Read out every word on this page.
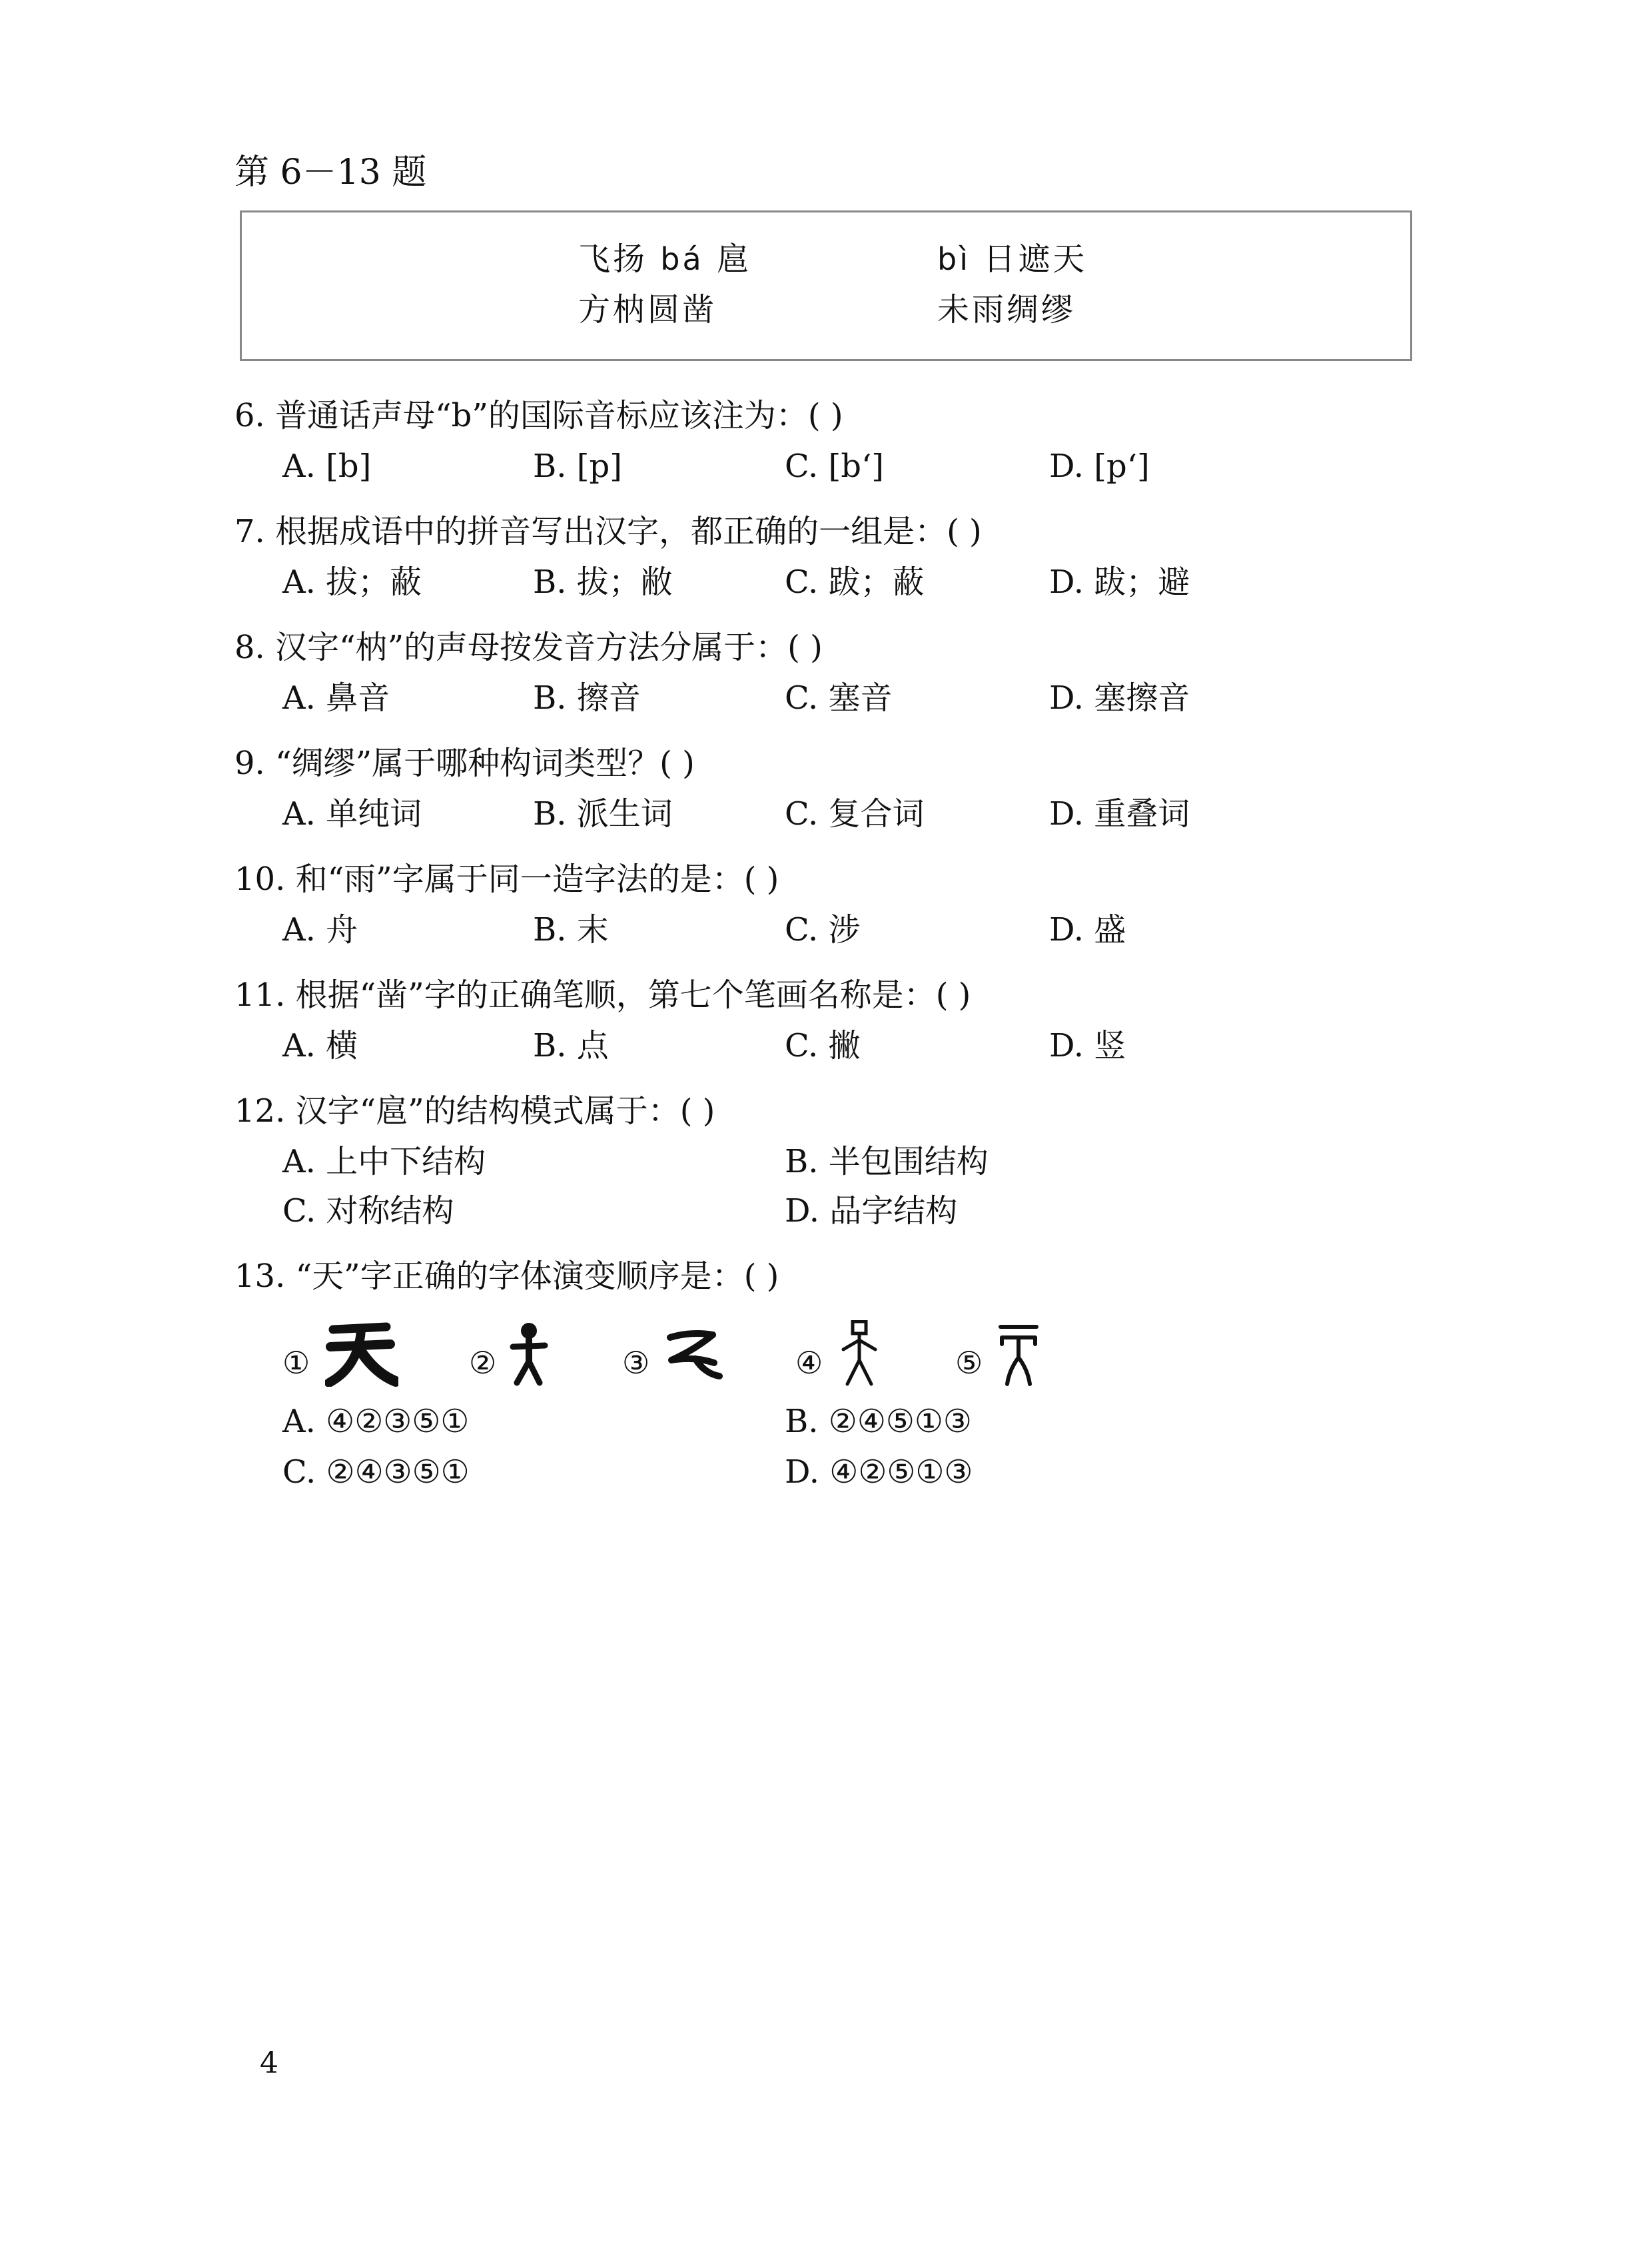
第 6－13 题
飞扬 bá 扈	bì 日遮天
方枘圆凿	未雨绸缪
6. 普通话声母“b”的国际音标应该注为：( )
A. [b]	B. [p]	C. [bʻ]	D. [pʻ]
7. 根据成语中的拼音写出汉字，都正确的一组是：( )
A. 拔；蔽	B. 拔；敝	C. 跋；蔽	D. 跋；避
8. 汉字“枘”的声母按发音方法分属于：( )
A. 鼻音	B. 擦音	C. 塞音	D. 塞擦音
9. “绸缪”属于哪种构词类型？( )
A. 单纯词	B. 派生词	C. 复合词	D. 重叠词
10. 和“雨”字属于同一造字法的是：( )
A. 舟	B. 末	C. 涉	D. 盛
11. 根据“凿”字的正确笔顺，第七个笔画名称是：( )
A. 横	B. 点	C. 撇	D. 竖
12. 汉字“扈”的结构模式属于：( )
A. 上中下结构	B. 半包围结构
C. 对称结构	D. 品字结构
13. “天”字正确的字体演变顺序是：( )
①	②	③	④	⑤
A. ④②③⑤①	B. ②④⑤①③
C. ②④③⑤①	D. ④②⑤①③
4
